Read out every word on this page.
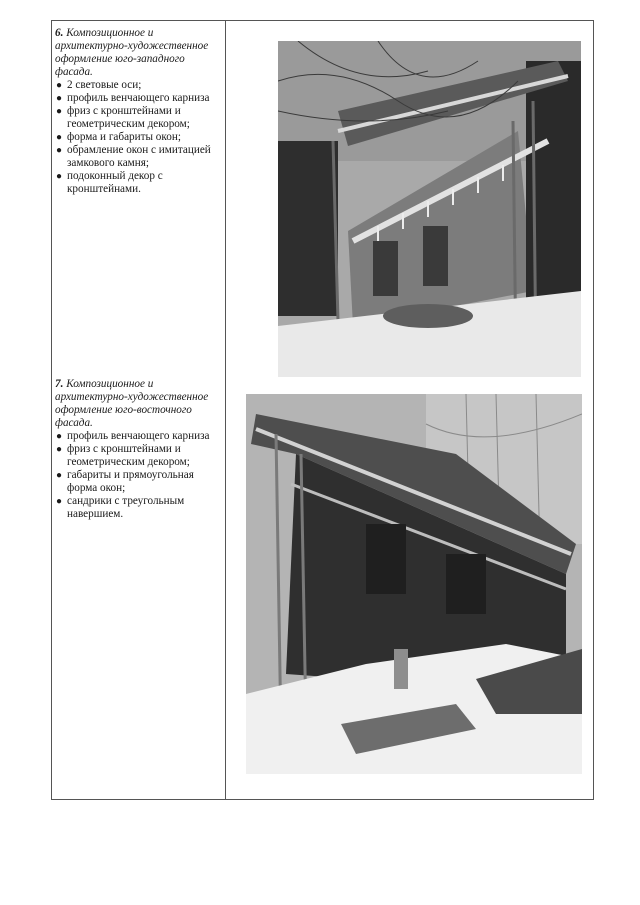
6. Композиционное и архитектурно-художественное оформление юго-западного фасада.

● 2 световые оси;
● профиль венчающего карниза
● фриз с кронштейнами и геометрическим декором;
● форма и габариты окон;
● обрамление окон с имитацией замкового камня;
● подоконный декор с кронштейнами.

7. Композиционное и архитектурно-художественное оформление юго-восточного фасада.

● профиль венчающего карниза
● фриз с кронштейнами и геометрическим декором;
● габариты и прямоугольная форма окон;
● сандрики с треугольным навершием.
